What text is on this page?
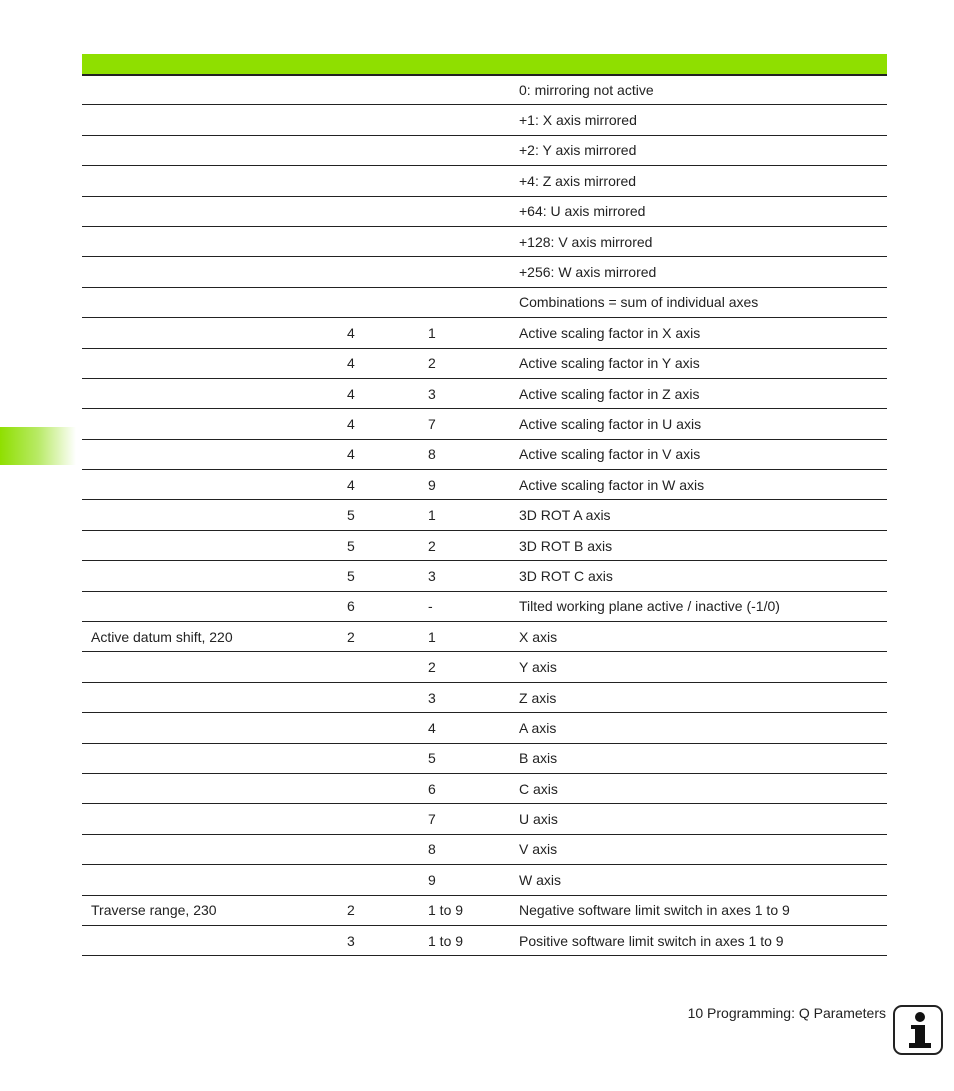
			0: mirroring not active
			+1: X axis mirrored
			+2: Y axis mirrored
			+4: Z axis mirrored
			+64: U axis mirrored
			+128: V axis mirrored
			+256: W axis mirrored
			Combinations = sum of individual axes
	4	1	Active scaling factor in X axis
	4	2	Active scaling factor in Y axis
	4	3	Active scaling factor in Z axis
	4	7	Active scaling factor in U axis
	4	8	Active scaling factor in V axis
	4	9	Active scaling factor in W axis
	5	1	3D ROT A axis
	5	2	3D ROT B axis
	5	3	3D ROT C axis
	6	-	Tilted working plane active / inactive (-1/0)
Active datum shift, 220	2	1	X axis
		2	Y axis
		3	Z axis
		4	A axis
		5	B axis
		6	C axis
		7	U axis
		8	V axis
		9	W axis
Traverse range, 230	2	1 to 9	Negative software limit switch in axes 1 to 9
	3	1 to 9	Positive software limit switch in axes 1 to 9
10 Programming: Q Parameters
